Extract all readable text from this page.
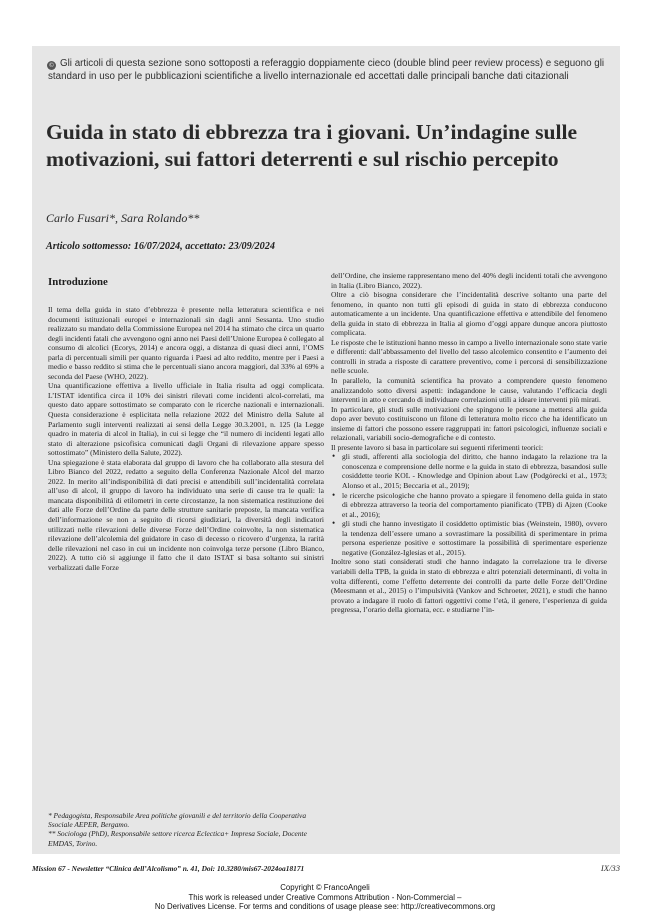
© Gli articoli di questa sezione sono sottoposti a referaggio doppiamente cieco (double blind peer review process) e seguono gli standard in uso per le pubblicazioni scientifiche a livello internazionale ed accettati dalle principali banche dati citazionali
Guida in stato di ebbrezza tra i giovani. Un’indagine sulle motivazioni, sui fattori deterrenti e sul rischio percepito
Carlo Fusari*, Sara Rolando**
Articolo sottomesso: 16/07/2024, accettato: 23/09/2024
Introduzione

Il tema della guida in stato d’ebbrezza è presente nella letteratura scientifica e nei documenti istituzionali europei e internazionali sin dagli anni Sessanta. Uno studio realizzato su mandato della Commissione Europea nel 2014 ha stimato che circa un quarto degli incidenti fatali che avvengono ogni anno nei Paesi dell’Unione Europea è collegato al consumo di alcolici (Ecorys, 2014) e ancora oggi, a distanza di quasi dieci anni, l’OMS parla di percentuali simili per quanto riguarda i Paesi ad alto reddito, mentre per i Paesi a medio e basso reddito si stima che le percentuali siano ancora maggiori, dal 33% al 69% a seconda del Paese (WHO, 2022).

Una quantificazione effettiva a livello ufficiale in Italia risulta ad oggi complicata. L’ISTAT identifica circa il 10% dei sinistri rilevati come incidenti alcol-correlati, ma questo dato appare sottostimato se comparato con le ricerche nazionali e internazionali. Questa considerazione è esplicitata nella relazione 2022 del Ministro della Salute al Parlamento sugli interventi realizzati ai sensi della Legge 30.3.2001, n. 125 (la Legge quadro in materia di alcol in Italia), in cui si legge che “il numero di incidenti legati allo stato di alterazione psicofisica comunicati dagli Organi di rilevazione appare spesso sottostimato” (Ministero della Salute, 2022).

Una spiegazione è stata elaborata dal gruppo di lavoro che ha collaborato alla stesura del Libro Bianco del 2022, redatto a seguito della Conferenza Nazionale Alcol del marzo 2022. In merito all’indisponibilità di dati precisi e attendibili sull’incidentalità correlata all’uso di alcol, il gruppo di lavoro ha individuato una serie di cause tra le quali: la mancata disponibilità di etilometri in certe circostanze, la non sistematica restituzione dei dati alle Forze dell’Ordine da parte delle strutture sanitarie preposte, la mancata verifica dell’informazione se non a seguito di ricorsi giudiziari, la diversità degli indicatori utilizzati nelle rilevazioni delle diverse Forze dell’Ordine coinvolte, la non sistematica rilevazione dell’alcolemia del guidatore in caso di decesso o ricovero d’urgenza, la rarità delle rilevazioni nel caso in cui un incidente non coinvolga terze persone (Libro Bianco, 2022). A tutto ciò si aggiunge il fatto che il dato ISTAT si basa soltanto sui sinistri verbalizzati dalle Forze

* Pedagogista, Responsabile Area politiche giovanili e del territorio della Cooperativa Ssociale AEPER, Bergamo.

** Sociologa (PhD), Responsabile settore ricerca Eclectica+ Impresa Sociale, Docente EMDAS, Torino.

dell’Ordine, che insieme rappresentano meno del 40% degli incidenti totali che avvengono in Italia (Libro Bianco, 2022).

Oltre a ciò bisogna considerare che l’incidentalità descrive soltanto una parte del fenomeno, in quanto non tutti gli episodi di guida in stato di ebbrezza conducono automaticamente a un incidente. Una quantificazione effettiva e attendibile del fenomeno della guida in stato di ebbrezza in Italia al giorno d’oggi appare dunque ancora piuttosto complicata.

Le risposte che le istituzioni hanno messo in campo a livello internazionale sono state varie e differenti: dall’abbassamento del livello del tasso alcolemico consentito e l’aumento dei controlli in strada a risposte di carattere preventivo, come i percorsi di sensibilizzazione nelle scuole.

In parallelo, la comunità scientifica ha provato a comprendere questo fenomeno analizzandolo sotto diversi aspetti: indagandone le cause, valutando l’efficacia degli interventi in atto e cercando di individuare correlazioni utili a ideare interventi più mirati.

In particolare, gli studi sulle motivazioni che spingono le persone a mettersi alla guida dopo aver bevuto costituiscono un filone di letteratura molto ricco che ha identificato un insieme di fattori che possono essere raggruppati in: fattori psicologici, influenze sociali e relazionali, variabili socio-demografiche e di contesto.

Il presente lavoro si basa in particolare sui seguenti riferimenti teorici:

• gli studi, afferenti alla sociologia del diritto, che hanno indagato la relazione tra la conoscenza e comprensione delle norme e la guida in stato di ebbrezza, basandosi sulle cosiddette teorie KOL - Knowledge and Opinion about Law (Podgórecki et al., 1973; Alonso et al., 2015; Beccaria et al., 2019);
• le ricerche psicologiche che hanno provato a spiegare il fenomeno della guida in stato di ebbrezza attraverso la teoria del comportamento pianificato (TPB) di Ajzen (Cooke et al., 2016);
• gli studi che hanno investigato il cosiddetto optimistic bias (Weinstein, 1980), ovvero la tendenza dell’essere umano a sovrastimare la possibilità di sperimentare in prima persona esperienze positive e sottostimare la possibilità di sperimentare esperienze negative (González-Iglesias et al., 2015).

Inoltre sono stati considerati studi che hanno indagato la correlazione tra le diverse variabili della TPB, la guida in stato di ebbrezza e altri potenziali determinanti, di volta in volta differenti, come l’effetto deterrente dei controlli da parte delle Forze dell’Ordine (Meesmann et al., 2015) o l’impulsività (Vankov and Schroeter, 2021), e studi che hanno provato a indagare il ruolo di fattori oggettivi come l’età, il genere, l’esperienza di guida pregressa, l’orario della giornata, ecc. e studiarne l’in-

Mission 67 - Newsletter “Clinica dell’Alcolismo” n. 41, Doi: 10.3280/mis67-2024oa18171	IX/33
Copyright © FrancoAngeli
This work is released under Creative Commons Attribution - Non-Commercial –
No Derivatives License. For terms and conditions of usage please see: http://creativecommons.org
